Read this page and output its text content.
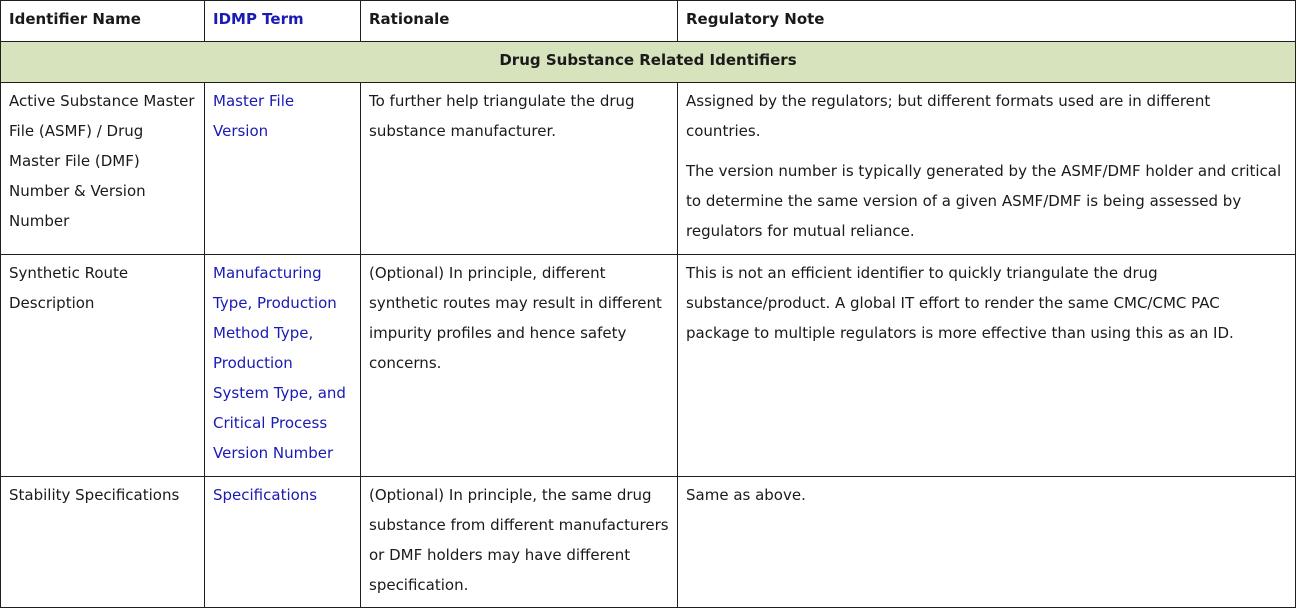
Identifier Name	IDMP Term	Rationale	Regulatory Note
Drug Substance Related Identifiers			
Active Substance Master File (ASMF) / Drug Master File (DMF) Number & Version Number	Master File Version	To further help triangulate the drug substance manufacturer.	Assigned by the regulators; but different formats used are in different countries.
The version number is typically generated by the ASMF/DMF holder and critical to determine the same version of a given ASMF/DMF is being assessed by regulators for mutual reliance.

Synthetic Route Description	Manufacturing Type, Production Method Type, Production System Type, and Critical Process Version Number	(Optional) In principle, different synthetic routes may result in different impurity profiles and hence safety concerns.	This is not an efficient identifier to quickly triangulate the drug substance/product. A global IT effort to render the same CMC/CMC PAC package to multiple regulators is more effective than using this as an ID.
Stability Specifications	Specifications	(Optional) In principle, the same drug substance from different manufacturers or DMF holders may have different specification.	Same as above.
